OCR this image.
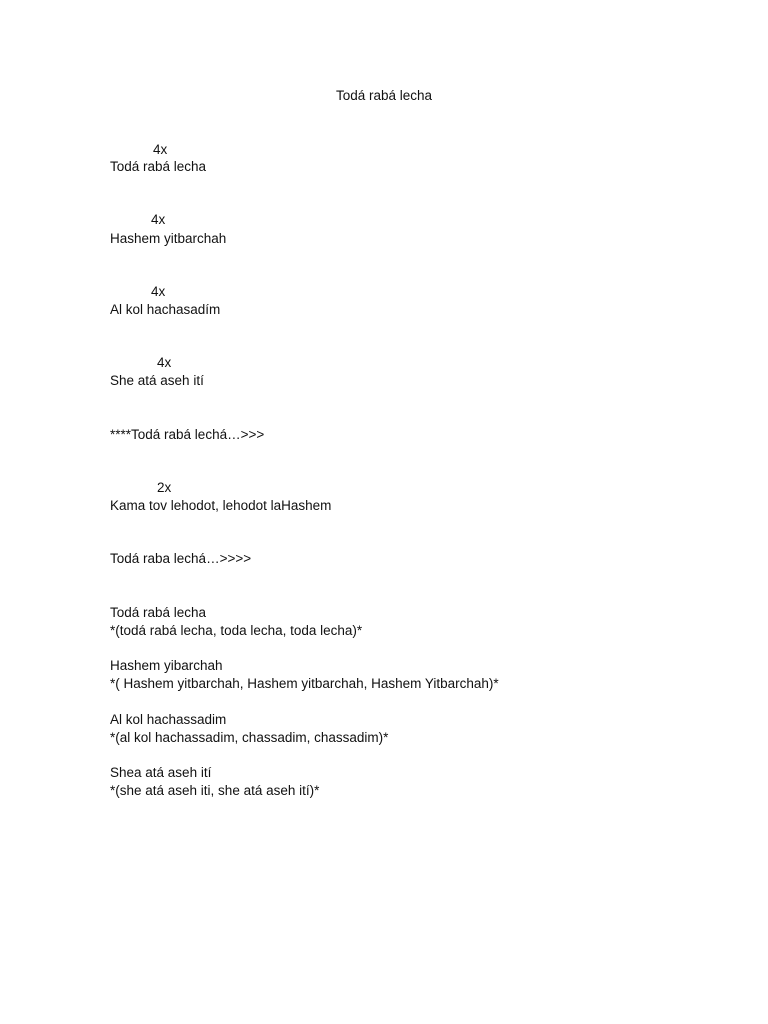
Todá rabá lecha
4x
Todá rabá lecha
4x
Hashem yitbarchah
4x
Al kol hachasadím
4x
She atá aseh ití
****Todá rabá lechá…>>>
2x
Kama tov lehodot, lehodot laHashem
Todá raba lechá…>>>>
Todá rabá lecha
*(todá rabá lecha, toda lecha, toda lecha)*
Hashem yibarchah
*( Hashem yitbarchah, Hashem yitbarchah, Hashem Yitbarchah)*
Al kol hachassadim
*(al kol hachassadim, chassadim, chassadim)*
Shea atá aseh ití
*(she atá aseh iti, she atá aseh ití)*
